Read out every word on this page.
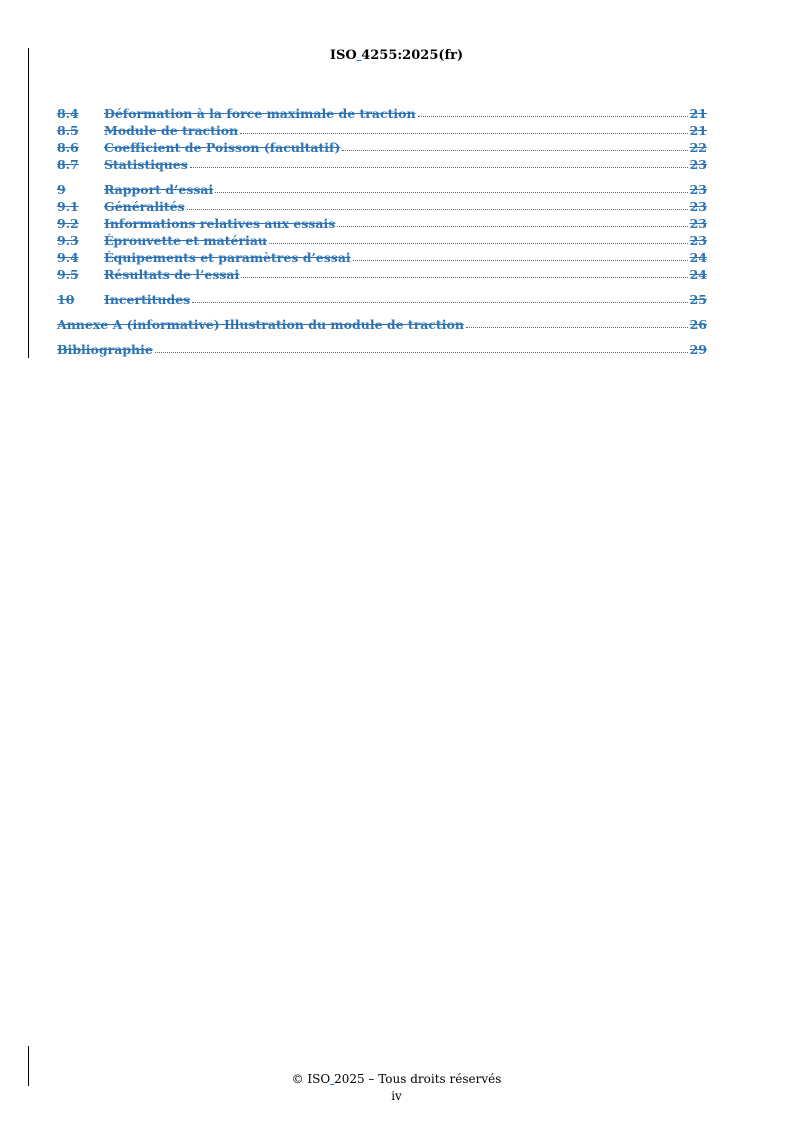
ISO 4255:2025(fr)
8.4	Déformation à la force maximale de traction	21
8.5	Module de traction	21
8.6	Coefficient de Poisson (facultatif)	22
8.7	Statistiques	23
9	Rapport d’essai	23
9.1	Généralités	23
9.2	Informations relatives aux essais	23
9.3	Éprouvette et matériau	23
9.4	Équipements et paramètres d’essai	24
9.5	Résultats de l’essai	24
10	Incertitudes	25
Annexe A (informative) Illustration du module de traction	26
Bibliographie	29
© ISO 2025 – Tous droits réservés
iv
